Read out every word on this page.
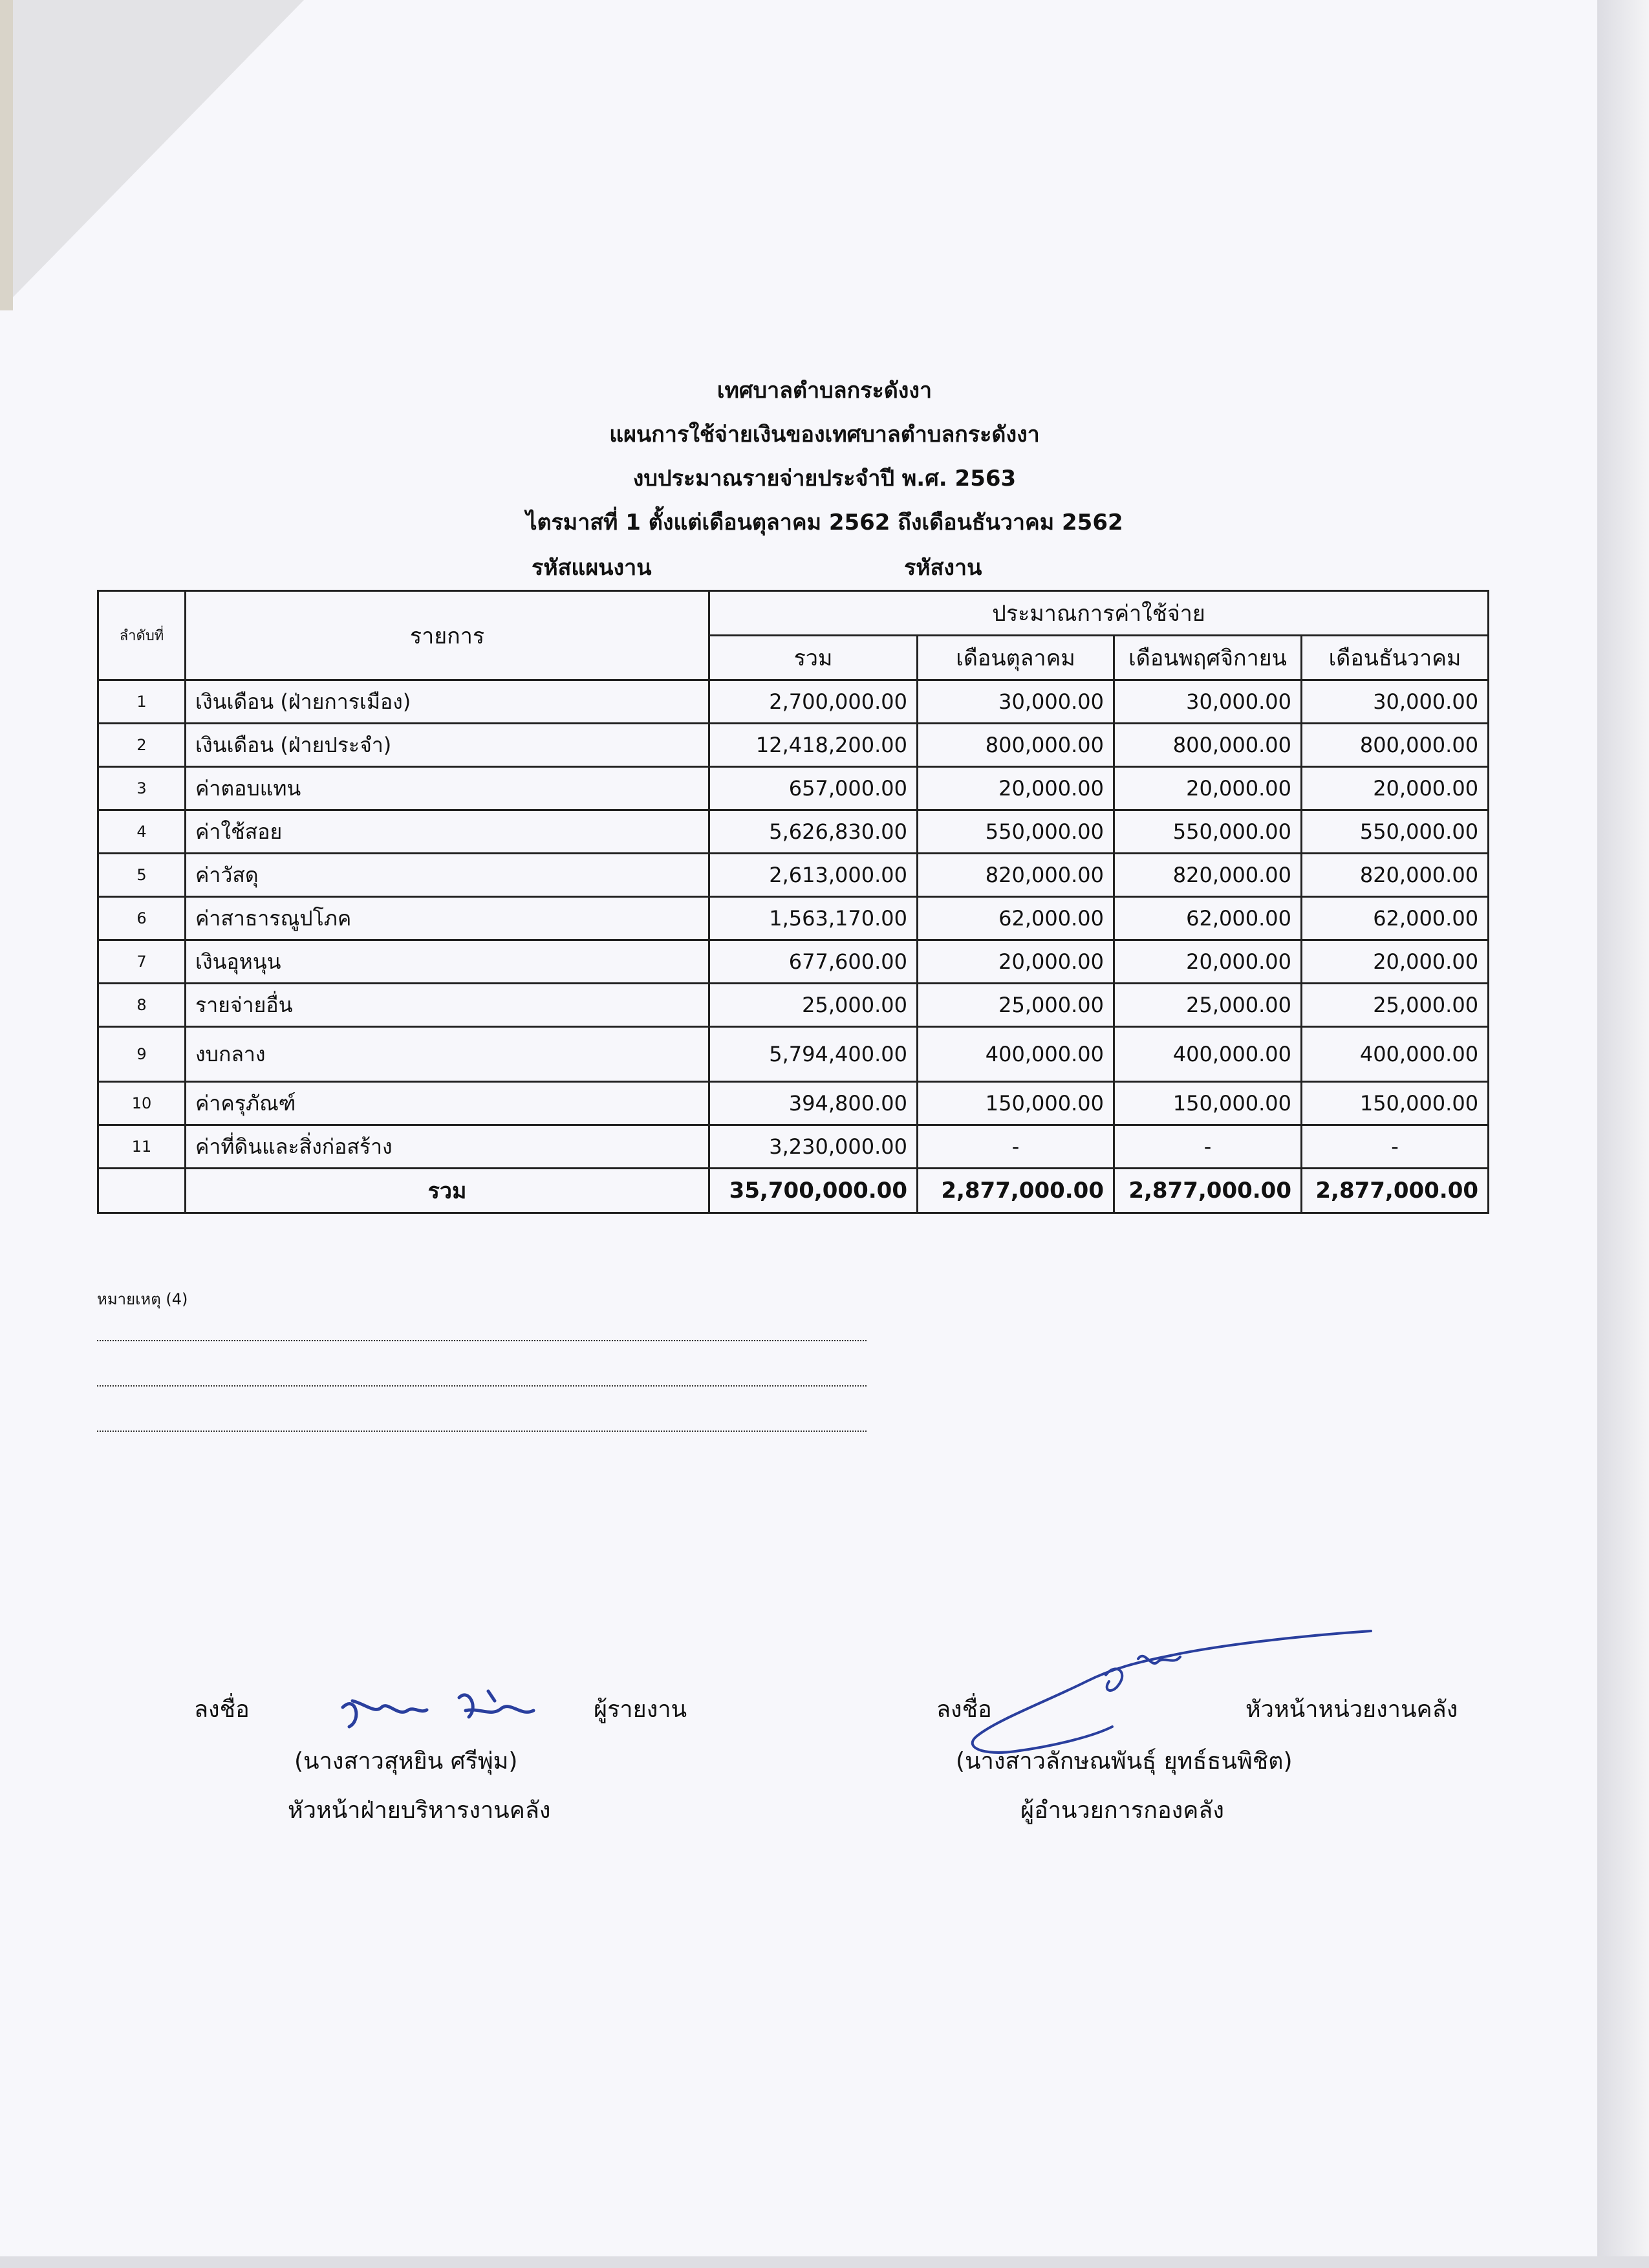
เทศบาลตำบลกระดังงา
แผนการใช้จ่ายเงินของเทศบาลตำบลกระดังงา
งบประมาณรายจ่ายประจำปี พ.ศ. 2563
ไตรมาสที่ 1 ตั้งแต่เดือนตุลาคม 2562 ถึงเดือนธันวาคม 2562
รหัสแผนงาน	รหัสงาน
ลำดับที่	รายการ	ประมาณการค่าใช้จ่าย			
		รวม	เดือนตุลาคม	เดือนพฤศจิกายน	เดือนธันวาคม
1	เงินเดือน (ฝ่ายการเมือง)	2,700,000.00	30,000.00	30,000.00	30,000.00
2	เงินเดือน (ฝ่ายประจำ)	12,418,200.00	800,000.00	800,000.00	800,000.00
3	ค่าตอบแทน	657,000.00	20,000.00	20,000.00	20,000.00
4	ค่าใช้สอย	5,626,830.00	550,000.00	550,000.00	550,000.00
5	ค่าวัสดุ	2,613,000.00	820,000.00	820,000.00	820,000.00
6	ค่าสาธารณูปโภค	1,563,170.00	62,000.00	62,000.00	62,000.00
7	เงินอุหนุน	677,600.00	20,000.00	20,000.00	20,000.00
8	รายจ่ายอื่น	25,000.00	25,000.00	25,000.00	25,000.00
9	งบกลาง	5,794,400.00	400,000.00	400,000.00	400,000.00
10	ค่าครุภัณฑ์	394,800.00	150,000.00	150,000.00	150,000.00
11	ค่าที่ดินและสิ่งก่อสร้าง	3,230,000.00	-	-	-
	รวม	35,700,000.00	2,877,000.00	2,877,000.00	2,877,000.00
หมายเหตุ (4)
ลงชื่อ	ผู้รายงาน
(นางสาวสุหยิน ศรีพุ่ม)
หัวหน้าฝ่ายบริหารงานคลัง
ลงชื่อ	หัวหน้าหน่วยงานคลัง
(นางสาวลักษณพันธุ์ ยุทธ์ธนพิชิต)
ผู้อำนวยการกองคลัง
